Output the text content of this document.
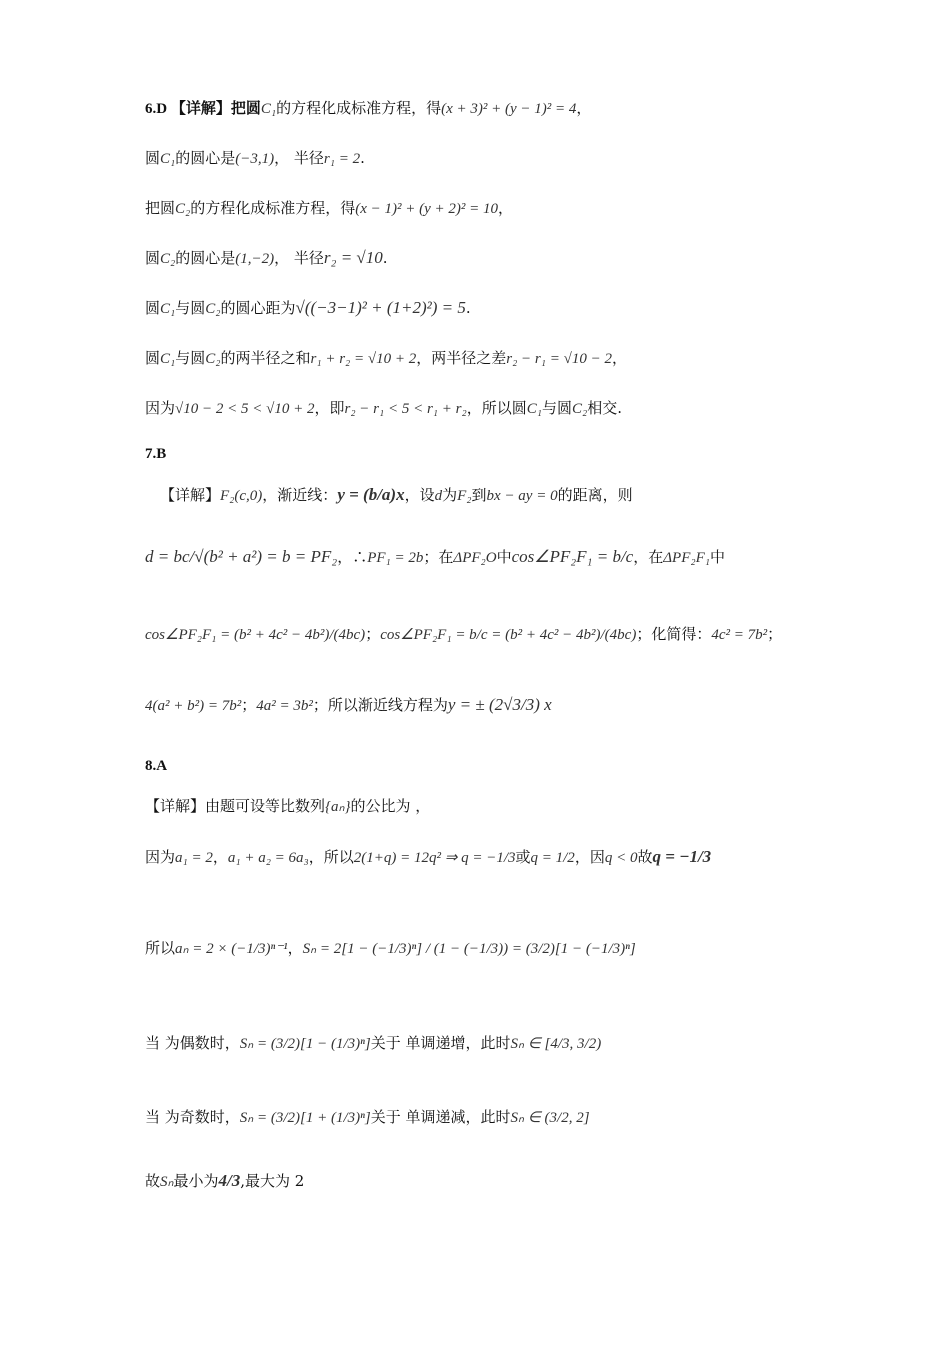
6.D 【详解】把圆C₁的方程化成标准方程，得(x + 3)² + (y − 1)² = 4，
圆C₁的圆心是(−3,1)， 半径r₁ = 2.
把圆C₂的方程化成标准方程，得(x − 1)² + (y + 2)² = 10，
圆C₂的圆心是(1,−2)， 半径r₂ = √10.
圆C₁与圆C₂的圆心距为√((−3−1)² + (1+2)²) = 5.
圆C₁与圆C₂的两半径之和r₁ + r₂ = √10 + 2，两半径之差r₂ − r₁ = √10 − 2，
因为√10 − 2 < 5 < √10 + 2，即r₂ − r₁ < 5 < r₁ + r₂，所以圆C₁与圆C₂相交.
7.B
【详解】F₂(c,0)，渐近线：y = (b/a)x，设d为F₂到bx − ay = 0的距离，则
d = bc/√(b² + a²) = b = PF₂，∴PF₁ = 2b；在ΔPF₂O中cos∠PF₂F₁ = b/c，在ΔPF₂F₁中
cos∠PF₂F₁ = (b² + 4c² − 4b²)/(4bc)；cos∠PF₂F₁ = b/c = (b² + 4c² − 4b²)/(4bc)；化简得：4c² = 7b²；
4(a² + b²) = 7b²；4a² = 3b²；所以渐近线方程为y = ± (2√3/3) x
8.A
【详解】由题可设等比数列{aₙ}的公比为 ，
因为a₁ = 2，a₁ + a₂ = 6a₃，所以2(1+q) = 12q² ⇒ q = −1/3或q = 1/2，因q < 0故q = −1/3
所以aₙ = 2 × (−1/3)ⁿ⁻¹，Sₙ = 2[1 − (−1/3)ⁿ] / (1 − (−1/3)) = (3/2)[1 − (−1/3)ⁿ]
当 为偶数时，Sₙ = (3/2)[1 − (1/3)ⁿ]关于 单调递增，此时Sₙ ∈ [4/3, 3/2)
当 为奇数时，Sₙ = (3/2)[1 + (1/3)ⁿ]关于 单调递减，此时Sₙ ∈ (3/2, 2]
故Sₙ最小为4/3,最大为 2
